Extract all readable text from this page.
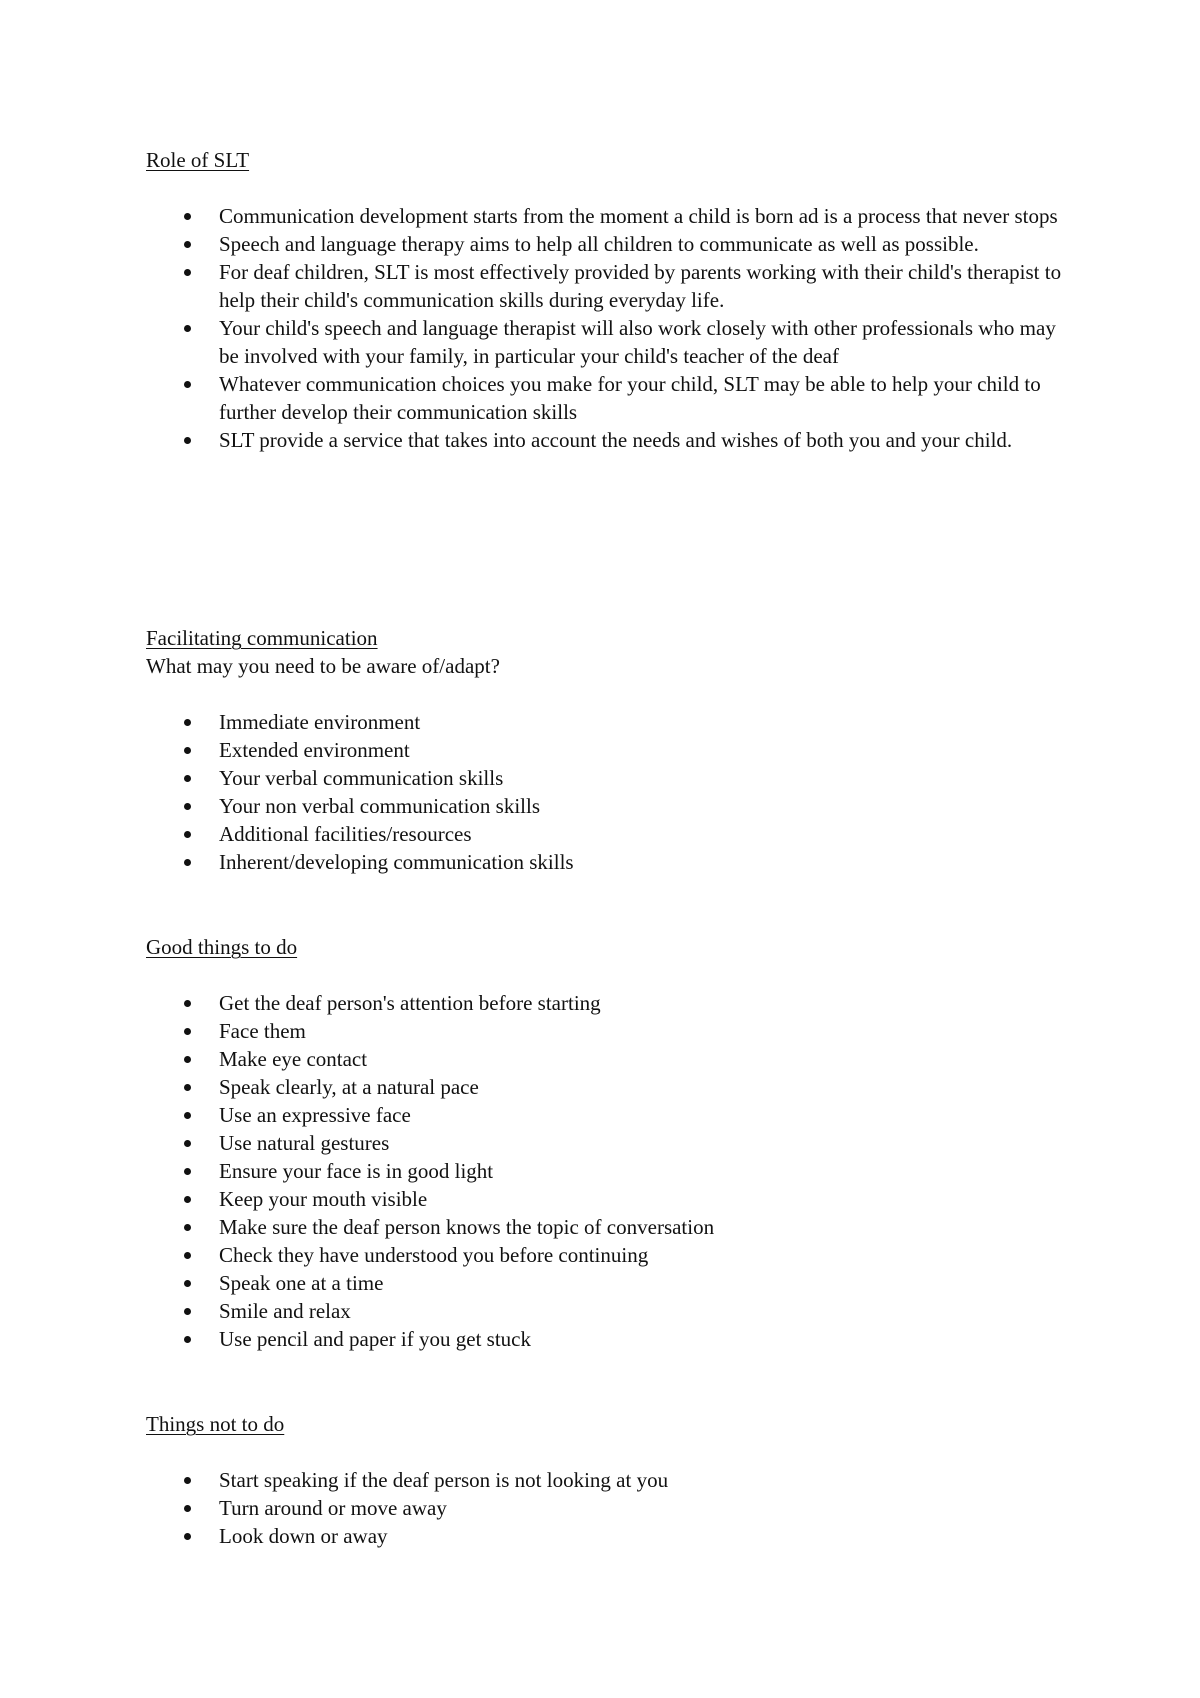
Role of SLT
Communication development starts from the moment a child is born ad is a process that never stops
Speech and language therapy aims to help all children to communicate as well as possible.
For deaf children, SLT is most effectively provided by parents working with their child's therapist to help their child's communication skills during everyday life.
Your child's speech and language therapist will also work closely with other professionals who may be involved with your family, in particular your child's teacher of the deaf
Whatever communication choices you make for your child, SLT may be able to help your child to further develop their communication skills
SLT provide a service that takes into account the needs and wishes of both you and your child.
Facilitating communication

What may you need to be aware of/adapt?

Immediate environment
Extended environment
Your verbal communication skills
Your non verbal communication skills
Additional facilities/resources
Inherent/developing communication skills
Good things to do
Get the deaf person's attention before starting
Face them
Make eye contact
Speak clearly, at a natural pace
Use an expressive face
Use natural gestures
Ensure your face is in good light
Keep your mouth visible
Make sure the deaf person knows the topic of conversation
Check they have understood you before continuing
Speak one at a time
Smile and relax
Use pencil and paper if you get stuck
Things not to do
Start speaking if the deaf person is not looking at you
Turn around or move away
Look down or away
